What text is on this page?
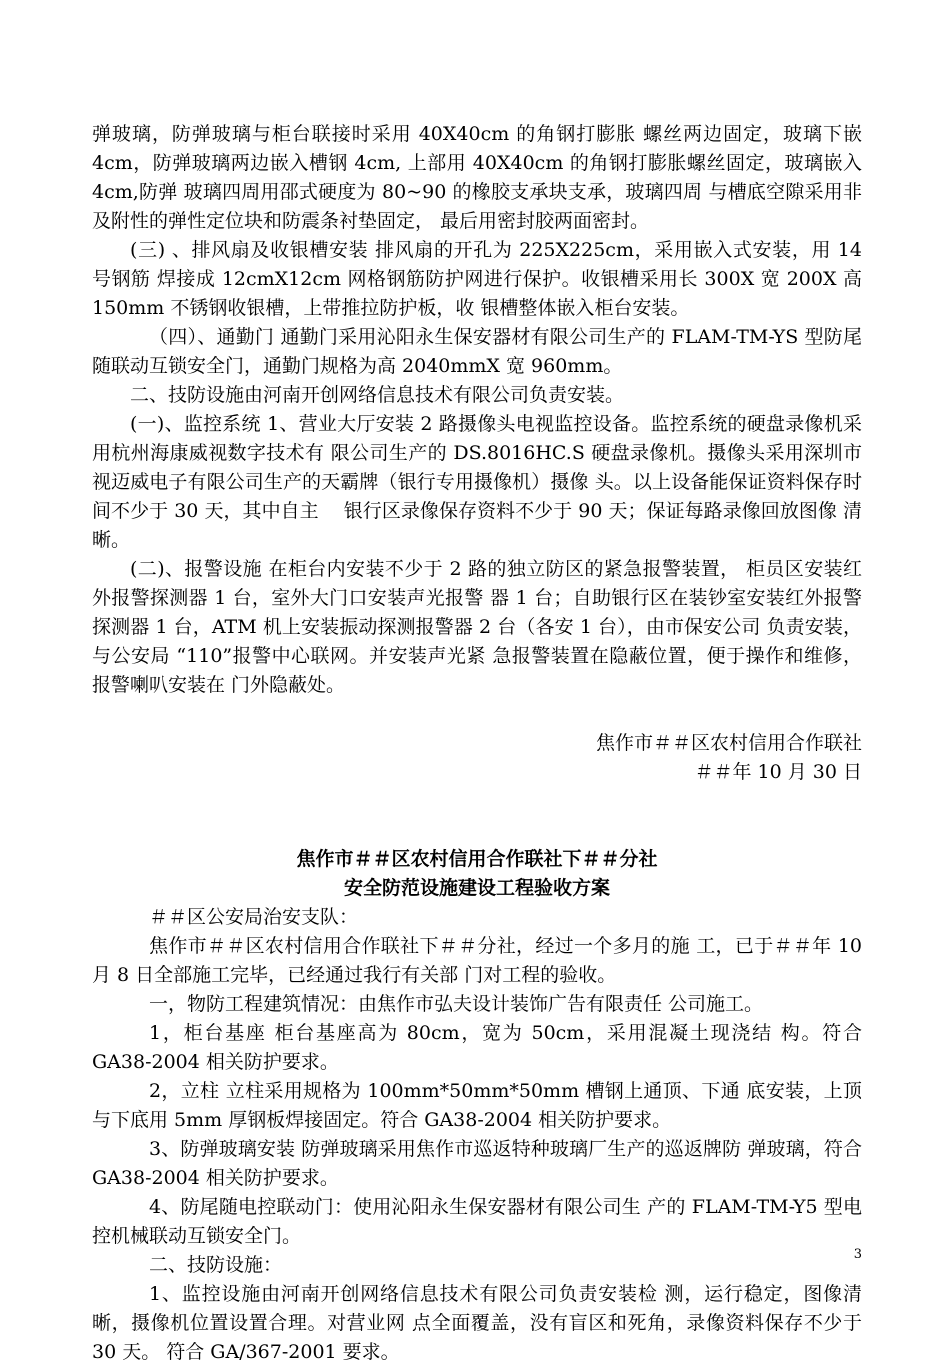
弹玻璃，防弹玻璃与柜台联接时采用 40X40cm 的角钢打膨胀 螺丝两边固定，玻璃下嵌 4cm，防弹玻璃两边嵌入槽钢 4cm, 上部用 40X40cm 的角钢打膨胀螺丝固定，玻璃嵌入 4cm,防弹 玻璃四周用邵式硬度为 80~90 的橡胶支承块支承，玻璃四周 与槽底空隙采用非及附性的弹性定位块和防震条衬垫固定， 最后用密封胶两面密封。

(三) 、排风扇及收银槽安装 排风扇的开孔为 225X225cm，采用嵌入式安装，用 14 号钢筋 焊接成 12cmX12cm 网格钢筋防护网进行保护。收银槽采用长 300X 宽 200X 高 150mm 不锈钢收银槽，上带推拉防护板，收 银槽整体嵌入柜台安装。

（四）、通勤门 通勤门采用沁阳永生保安器材有限公司生产的 FLAM-TM-YS 型防尾随联动互锁安全门，通勤门规格为高 2040mmX 宽 960mm。

二、技防设施由河南开创网络信息技术有限公司负责安装。

(一)、监控系统 1、营业大厅安装 2 路摄像头电视监控设备。监控系统的硬盘录像机采用杭州海康威视数字技术有 限公司生产的 DS.8016HC.S 硬盘录像机。摄像头采用深圳市 视迈威电子有限公司生产的天霸牌（银行专用摄像机）摄像 头。以上设备能保证资料保存时间不少于 30 天，其中自主　 银行区录像保存资料不少于 90 天；保证每路录像回放图像 清晰。

(二)、报警设施 在柜台内安装不少于 2 路的独立防区的紧急报警装置， 柜员区安装红外报警探测器 1 台，室外大门口安装声光报警 器 1 台；自助银行区在装钞室安装红外报警探测器 1 台，ATM 机上安装振动探测报警器 2 台（各安 1 台），由市保安公司 负责安装，与公安局 “110”报警中心联网。并安装声光紧 急报警装置在隐蔽位置，便于操作和维修，报警喇叭安装在 门外隐蔽处。

焦作市＃＃区农村信用合作联社

＃＃年 10 月 30 日

焦作市＃＃区农村信用合作联社下＃＃分社

安全防范设施建设工程验收方案

＃＃区公安局治安支队：

焦作市＃＃区农村信用合作联社下＃＃分社，经过一个多月的施 工，已于＃＃年 10 月 8 日全部施工完毕，已经通过我行有关部 门对工程的验收。

一，物防工程建筑情况：由焦作市弘夫设计装饰广告有限责任 公司施工。

1，柜台基座 柜台基座高为 80cm，宽为 50cm，采用混凝土现浇结 构。符合 GA38-2004 相关防护要求。

2，立柱 立柱采用规格为 100mm*50mm*50mm 槽钢上通顶、下通 底安装，上顶与下底用 5mm 厚钢板焊接固定。符合 GA38-2004 相关防护要求。

3、防弹玻璃安装 防弹玻璃采用焦作市巡返特种玻璃厂生产的巡返牌防 弹玻璃，符合 GA38-2004 相关防护要求。

4、防尾随电控联动门：使用沁阳永生保安器材有限公司生 产的 FLAM-TM-Y5 型电控机械联动互锁安全门。

二、技防设施：

1、监控设施由河南开创网络信息技术有限公司负责安装检 测，运行稳定，图像清晰，摄像机位置设置合理。对营业网 点全面覆盖，没有盲区和死角，录像资料保存不少于 30 天。 符合 GA/367-2001 要求。

3
